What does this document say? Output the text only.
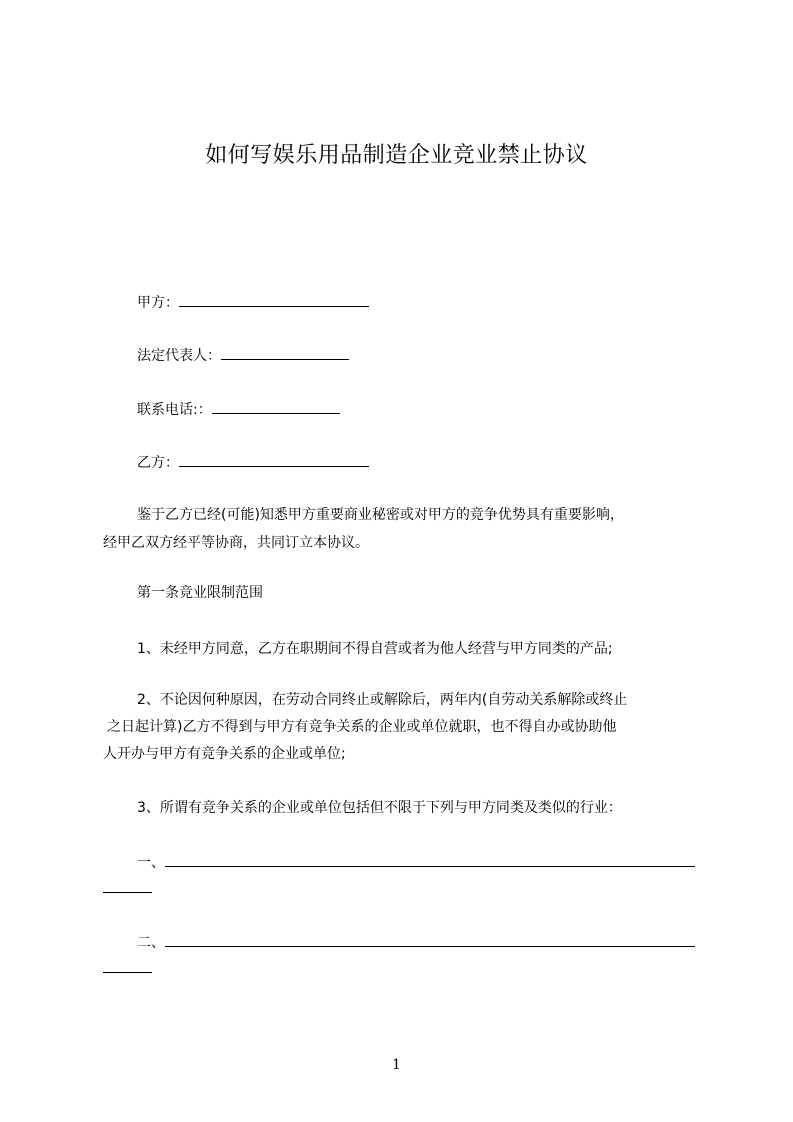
如何写娱乐用品制造企业竞业禁止协议
甲方：
法定代表人：
联系电话:：
乙方：
鉴于乙方已经(可能)知悉甲方重要商业秘密或对甲方的竞争优势具有重要影响，
经甲乙双方经平等协商，共同订立本协议。
第一条竞业限制范围
1、未经甲方同意，乙方在职期间不得自营或者为他人经营与甲方同类的产品;
2、不论因何种原因，在劳动合同终止或解除后，两年内(自劳动关系解除或终止
之日起计算)乙方不得到与甲方有竞争关系的企业或单位就职，也不得自办或协助他
人开办与甲方有竞争关系的企业或单位;
3、所谓有竞争关系的企业或单位包括但不限于下列与甲方同类及类似的行业：
一、
二、
1
